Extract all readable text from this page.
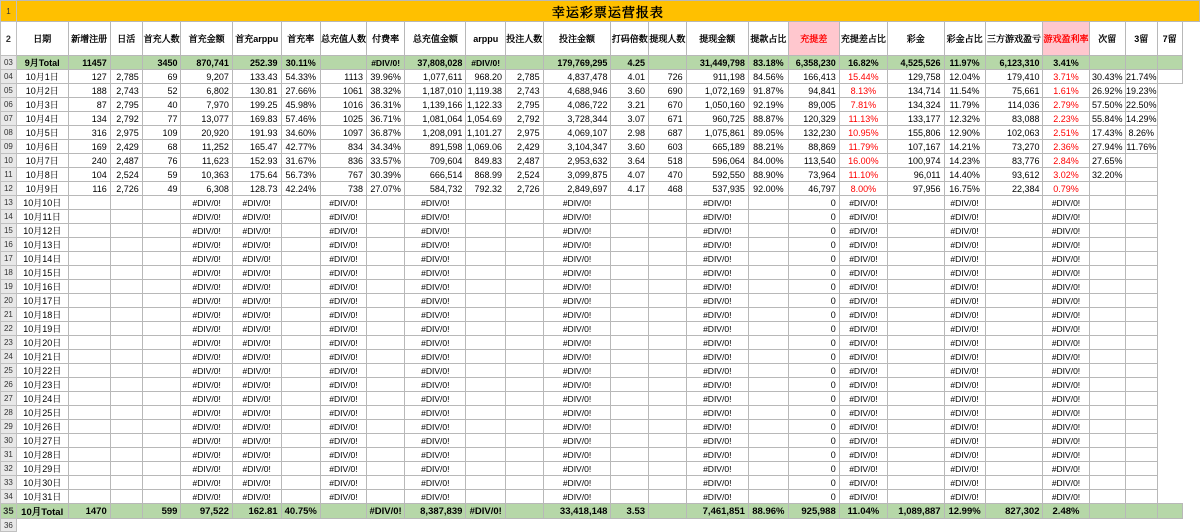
1	幸运彩票运营报表																										
2	日期	新增注册	日活	首充人数	首充金额	首充arppu	首充率	总充值人数	付费率	总充值金额	arppu	投注人数	投注金额	打码倍数	提现人数	提现金额	提款占比	充提差	充提差占比	彩金	彩金占比	三方游戏盈亏	游戏盈利率	次留	3留	7留	
03	9月Total	11457		3450	870,741	252.39	30.11%		#DIV/0!	37,808,028	#DIV/0!		179,769,295	4.25		31,449,798	83.18%	6,358,230	16.82%	4,525,526	11.97%	6,123,310	3.41%				
04	10月1日	127	2,785	69	9,207	133.43	54.33%	1113	39.96%	1,077,611	968.20	2,785	4,837,478	4.01	726	911,198	84.56%	166,413	15.44%	129,758	12.04%	179,410	3.71%	30.43%	21.74%		
05	10月2日	188	2,743	52	6,802	130.81	27.66%	1061	38.32%	1,187,010	1,119.38	2,743	4,688,946	3.60	690	1,072,169	91.87%	94,841	8.13%	134,714	11.54%	75,661	1.61%	26.92%	19.23%		
06	10月3日	87	2,795	40	7,970	199.25	45.98%	1016	36.31%	1,139,166	1,122.33	2,795	4,086,722	3.21	670	1,050,160	92.19%	89,005	7.81%	134,324	11.79%	114,036	2.79%	57.50%	22.50%		
07	10月4日	134	2,792	77	13,077	169.83	57.46%	1025	36.71%	1,081,064	1,054.69	2,792	3,728,344	3.07	671	960,725	88.87%	120,329	11.13%	133,177	12.32%	83,088	2.23%	55.84%	14.29%		
08	10月5日	316	2,975	109	20,920	191.93	34.60%	1097	36.87%	1,208,091	1,101.27	2,975	4,069,107	2.98	687	1,075,861	89.05%	132,230	10.95%	155,806	12.90%	102,063	2.51%	17.43%	8.26%		
09	10月6日	169	2,429	68	11,252	165.47	42.77%	834	34.34%	891,598	1,069.06	2,429	3,104,347	3.60	603	665,189	88.21%	88,869	11.79%	107,167	14.21%	73,270	2.36%	27.94%	11.76%		
10	10月7日	240	2,487	76	11,623	152.93	31.67%	836	33.57%	709,604	849.83	2,487	2,953,632	3.64	518	596,064	84.00%	113,540	16.00%	100,974	14.23%	83,776	2.84%	27.65%			
11	10月8日	104	2,524	59	10,363	175.64	56.73%	767	30.39%	666,514	868.99	2,524	3,099,875	4.07	470	592,550	88.90%	73,964	11.10%	96,011	14.40%	93,612	3.02%	32.20%			
12	10月9日	116	2,726	49	6,308	128.73	42.24%	738	27.07%	584,732	792.32	2,726	2,849,697	4.17	468	537,935	92.00%	46,797	8.00%	97,956	16.75%	22,384	0.79%				
13	10月10日				#DIV/0!	#DIV/0!		#DIV/0!		#DIV/0!			#DIV/0!			#DIV/0!		0	#DIV/0!		#DIV/0!		#DIV/0!				
14	10月11日				#DIV/0!	#DIV/0!		#DIV/0!		#DIV/0!			#DIV/0!			#DIV/0!		0	#DIV/0!		#DIV/0!		#DIV/0!				
15	10月12日				#DIV/0!	#DIV/0!		#DIV/0!		#DIV/0!			#DIV/0!			#DIV/0!		0	#DIV/0!		#DIV/0!		#DIV/0!				
16	10月13日				#DIV/0!	#DIV/0!		#DIV/0!		#DIV/0!			#DIV/0!			#DIV/0!		0	#DIV/0!		#DIV/0!		#DIV/0!				
17	10月14日				#DIV/0!	#DIV/0!		#DIV/0!		#DIV/0!			#DIV/0!			#DIV/0!		0	#DIV/0!		#DIV/0!		#DIV/0!				
18	10月15日				#DIV/0!	#DIV/0!		#DIV/0!		#DIV/0!			#DIV/0!			#DIV/0!		0	#DIV/0!		#DIV/0!		#DIV/0!				
19	10月16日				#DIV/0!	#DIV/0!		#DIV/0!		#DIV/0!			#DIV/0!			#DIV/0!		0	#DIV/0!		#DIV/0!		#DIV/0!				
20	10月17日				#DIV/0!	#DIV/0!		#DIV/0!		#DIV/0!			#DIV/0!			#DIV/0!		0	#DIV/0!		#DIV/0!		#DIV/0!				
21	10月18日				#DIV/0!	#DIV/0!		#DIV/0!		#DIV/0!			#DIV/0!			#DIV/0!		0	#DIV/0!		#DIV/0!		#DIV/0!				
22	10月19日				#DIV/0!	#DIV/0!		#DIV/0!		#DIV/0!			#DIV/0!			#DIV/0!		0	#DIV/0!		#DIV/0!		#DIV/0!				
23	10月20日				#DIV/0!	#DIV/0!		#DIV/0!		#DIV/0!			#DIV/0!			#DIV/0!		0	#DIV/0!		#DIV/0!		#DIV/0!				
24	10月21日				#DIV/0!	#DIV/0!		#DIV/0!		#DIV/0!			#DIV/0!			#DIV/0!		0	#DIV/0!		#DIV/0!		#DIV/0!				
25	10月22日				#DIV/0!	#DIV/0!		#DIV/0!		#DIV/0!			#DIV/0!			#DIV/0!		0	#DIV/0!		#DIV/0!		#DIV/0!				
26	10月23日				#DIV/0!	#DIV/0!		#DIV/0!		#DIV/0!			#DIV/0!			#DIV/0!		0	#DIV/0!		#DIV/0!		#DIV/0!				
27	10月24日				#DIV/0!	#DIV/0!		#DIV/0!		#DIV/0!			#DIV/0!			#DIV/0!		0	#DIV/0!		#DIV/0!		#DIV/0!				
28	10月25日				#DIV/0!	#DIV/0!		#DIV/0!		#DIV/0!			#DIV/0!			#DIV/0!		0	#DIV/0!		#DIV/0!		#DIV/0!				
29	10月26日				#DIV/0!	#DIV/0!		#DIV/0!		#DIV/0!			#DIV/0!			#DIV/0!		0	#DIV/0!		#DIV/0!		#DIV/0!				
30	10月27日				#DIV/0!	#DIV/0!		#DIV/0!		#DIV/0!			#DIV/0!			#DIV/0!		0	#DIV/0!		#DIV/0!		#DIV/0!				
31	10月28日				#DIV/0!	#DIV/0!		#DIV/0!		#DIV/0!			#DIV/0!			#DIV/0!		0	#DIV/0!		#DIV/0!		#DIV/0!				
32	10月29日				#DIV/0!	#DIV/0!		#DIV/0!		#DIV/0!			#DIV/0!			#DIV/0!		0	#DIV/0!		#DIV/0!		#DIV/0!				
33	10月30日				#DIV/0!	#DIV/0!		#DIV/0!		#DIV/0!			#DIV/0!			#DIV/0!		0	#DIV/0!		#DIV/0!		#DIV/0!				
34	10月31日				#DIV/0!	#DIV/0!		#DIV/0!		#DIV/0!			#DIV/0!			#DIV/0!		0	#DIV/0!		#DIV/0!		#DIV/0!				
35	10月Total	1470		599	97,522	162.81	40.75%		#DIV/0!	8,387,839	#DIV/0!		33,418,148	3.53		7,461,851	88.96%	925,988	11.04%	1,089,887	12.99%	827,302	2.48%				
36																											
